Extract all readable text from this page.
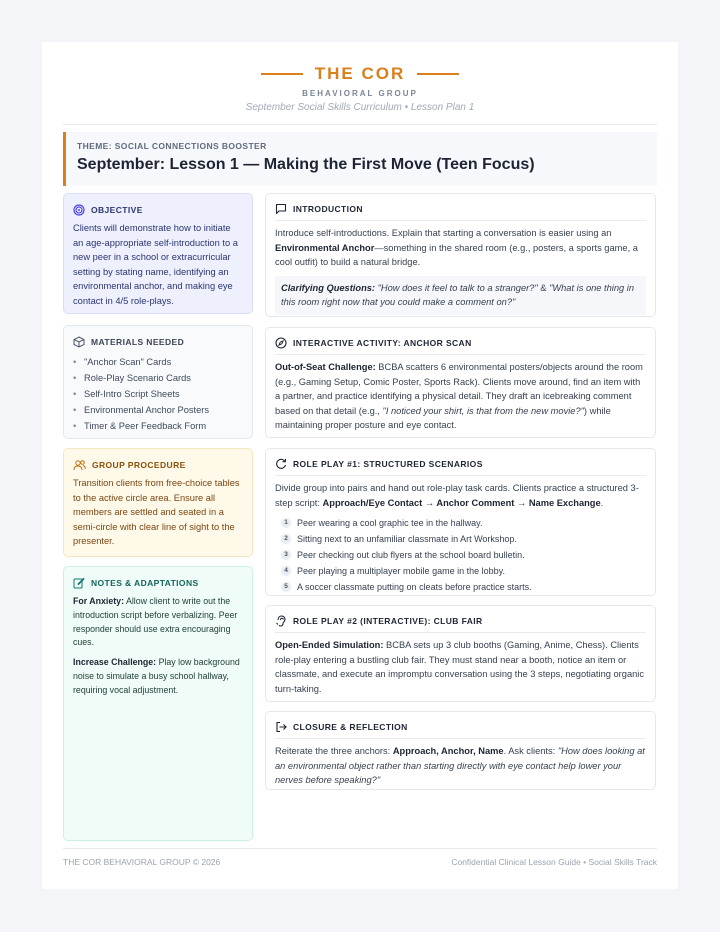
THE COR
BEHAVIORAL GROUP
September Social Skills Curriculum • Lesson Plan 1
THEME: SOCIAL CONNECTIONS BOOSTER
September: Lesson 1 — Making the First Move (Teen Focus)
OBJECTIVE
Clients will demonstrate how to initiate an age-appropriate self-introduction to a new peer in a school or extracurricular setting by stating name, identifying an environmental anchor, and making eye contact in 4/5 role-plays.
MATERIALS NEEDED
• "Anchor Scan" Cards
• Role-Play Scenario Cards
• Self-Intro Script Sheets
• Environmental Anchor Posters
• Timer & Peer Feedback Form
GROUP PROCEDURE
Transition clients from free-choice tables to the active circle area. Ensure all members are settled and seated in a semi-circle with clear line of sight to the presenter.
NOTES & ADAPTATIONS
For Anxiety: Allow client to write out the introduction script before verbalizing. Peer responder should use extra encouraging cues.
Increase Challenge: Play low background noise to simulate a busy school hallway, requiring vocal adjustment.
INTRODUCTION
Introduce self-introductions. Explain that starting a conversation is easier using an Environmental Anchor—something in the shared room (e.g., posters, a sports game, a cool outfit) to build a natural bridge.
Clarifying Questions: "How does it feel to talk to a stranger?" & "What is one thing in this room right now that you could make a comment on?"
INTERACTIVE ACTIVITY: ANCHOR SCAN
Out-of-Seat Challenge: BCBA scatters 6 environmental posters/objects around the room (e.g., Gaming Setup, Comic Poster, Sports Rack). Clients move around, find an item with a partner, and practice identifying a physical detail. They draft an icebreaking comment based on that detail (e.g., "I noticed your shirt, is that from the new movie?") while maintaining proper posture and eye contact.
ROLE PLAY #1: STRUCTURED SCENARIOS
Divide group into pairs and hand out role-play task cards. Clients practice a structured 3-step script: Approach/Eye Contact → Anchor Comment → Name Exchange.
1	Peer wearing a cool graphic tee in the hallway.
2	Sitting next to an unfamiliar classmate in Art Workshop.
3	Peer checking out club flyers at the school board bulletin.
4	Peer playing a multiplayer mobile game in the lobby.
5	A soccer classmate putting on cleats before practice starts.
ROLE PLAY #2 (INTERACTIVE): CLUB FAIR
Open-Ended Simulation: BCBA sets up 3 club booths (Gaming, Anime, Chess). Clients role-play entering a bustling club fair. They must stand near a booth, notice an item or classmate, and execute an impromptu conversation using the 3 steps, negotiating organic turn-taking.
CLOSURE & REFLECTION
Reiterate the three anchors: Approach, Anchor, Name. Ask clients: "How does looking at an environmental object rather than starting directly with eye contact help lower your nerves before speaking?"
THE COR BEHAVIORAL GROUP © 2026	Confidential Clinical Lesson Guide • Social Skills Track
